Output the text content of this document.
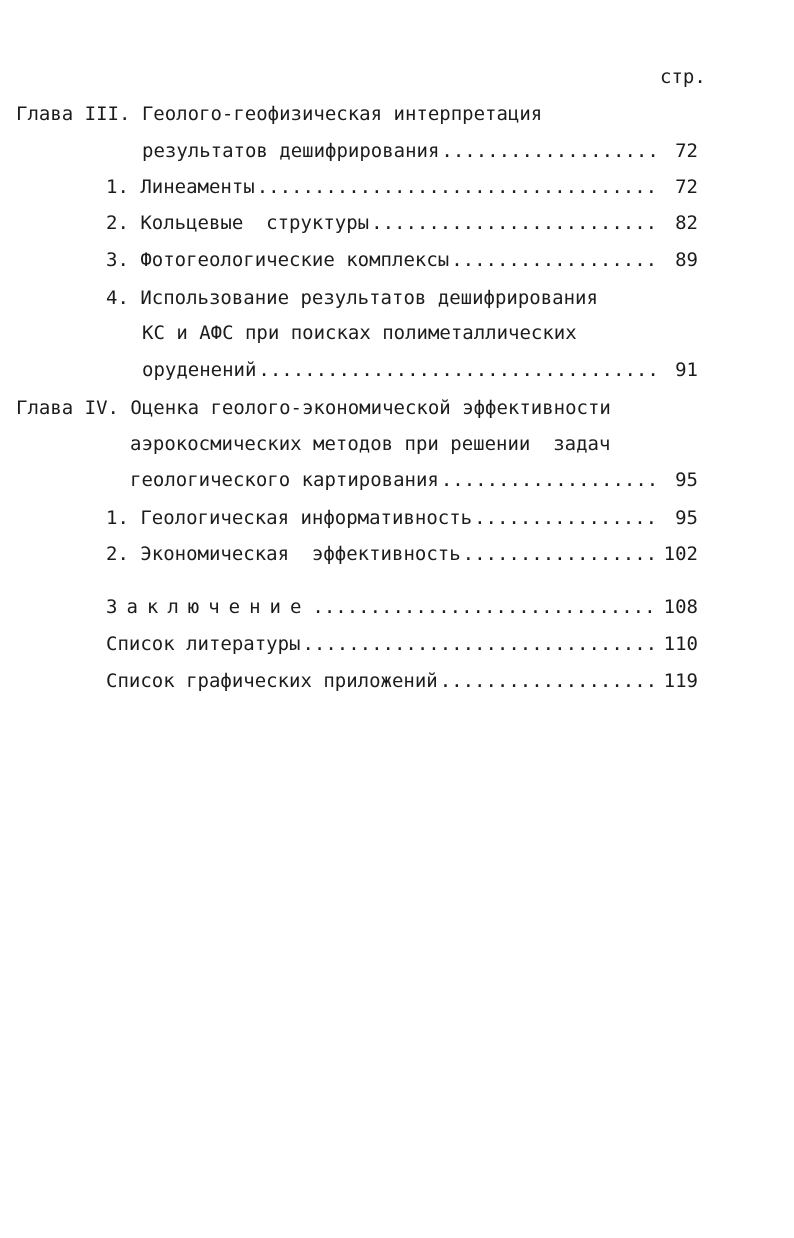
стр.
Глава III. Геолого-геофизическая интерпретация
результатов дешифрирования .....	72
1. Линеаменты .....	72
2. Кольцевые  структуры .....	82
3. Фотогеологические комплексы .....	89
4. Использование результатов дешифрирования
КС и АФС при поисках полиметаллических
оруденений .....	91
Глава IV. Оценка геолого-экономической эффективности
аэрокосмических методов при решении  задач
геологического картирования .....	95
1. Геологическая информативность .....	95
2. Экономическая  эффективность .....	102
Заключение .....	108
Список литературы .....	110
Список графических приложений .....	119
